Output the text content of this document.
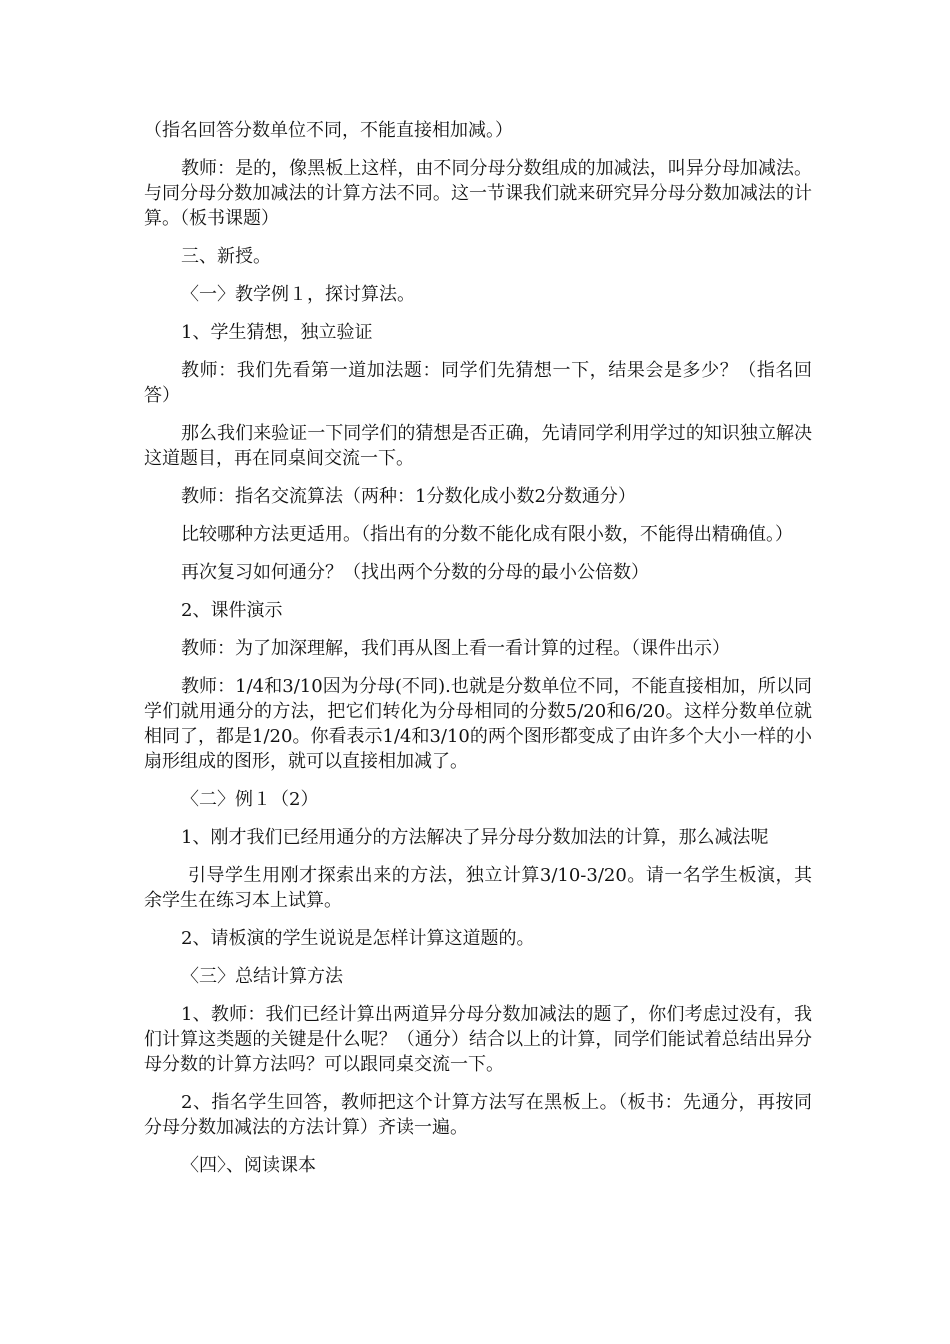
（指名回答分数单位不同，不能直接相加减。）

教师：是的，像黑板上这样，由不同分母分数组成的加减法，叫异分母加减法。与同分母分数加减法的计算方法不同。这一节课我们就来研究异分母分数加减法的计算。（板书课题）

三、新授。

〈一〉教学例１，探讨算法。

1、学生猜想，独立验证

教师：我们先看第一道加法题：同学们先猜想一下，结果会是多少？（指名回答）

那么我们来验证一下同学们的猜想是否正确，先请同学利用学过的知识独立解决这道题目，再在同桌间交流一下。

教师：指名交流算法（两种：1分数化成小数2分数通分）

比较哪种方法更适用。（指出有的分数不能化成有限小数，不能得出精确值。）

再次复习如何通分？（找出两个分数的分母的最小公倍数）

2、课件演示

教师：为了加深理解，我们再从图上看一看计算的过程。（课件出示）

教师：1/4和3/10因为分母(不同).也就是分数单位不同，不能直接相加，所以同学们就用通分的方法，把它们转化为分母相同的分数5/20和6/20。这样分数单位就相同了，都是1/20。你看表示1/4和3/10的两个图形都变成了由许多个大小一样的小扇形组成的图形，就可以直接相加减了。

〈二〉例１（2）

1、刚才我们已经用通分的方法解决了异分母分数加法的计算，那么减法呢

引导学生用刚才探索出来的方法，独立计算3/10-3/20。请一名学生板演，其余学生在练习本上试算。

2、请板演的学生说说是怎样计算这道题的。

〈三〉总结计算方法

1、教师：我们已经计算出两道异分母分数加减法的题了，你们考虑过没有，我们计算这类题的关键是什么呢？（通分）结合以上的计算，同学们能试着总结出异分母分数的计算方法吗？可以跟同桌交流一下。

2、指名学生回答，教师把这个计算方法写在黑板上。（板书：先通分，再按同分母分数加减法的方法计算）齐读一遍。

〈四〉、阅读课本
